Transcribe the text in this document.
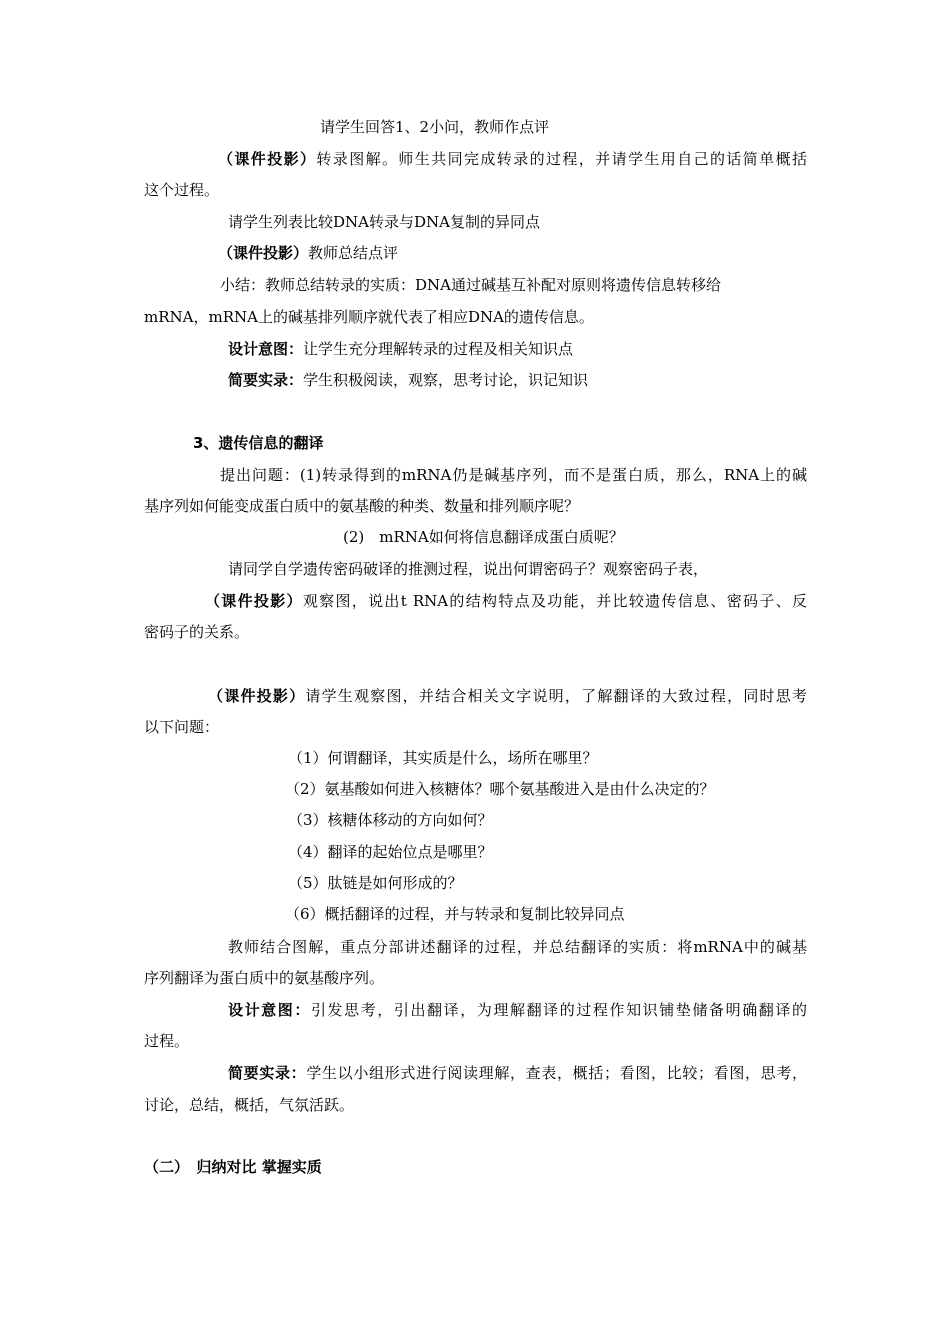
请学生回答1、2小问，教师作点评
（课件投影）转录图解。师生共同完成转录的过程，并请学生用自己的话简单概括
这个过程。
请学生列表比较DNA转录与DNA复制的异同点
（课件投影）教师总结点评
小结：教师总结转录的实质：DNA通过碱基互补配对原则将遗传信息转移给
mRNA，mRNA上的碱基排列顺序就代表了相应DNA的遗传信息。
设计意图：让学生充分理解转录的过程及相关知识点
简要实录：学生积极阅读，观察，思考讨论，识记知识
3、遗传信息的翻译
提出问题：(1)转录得到的mRNA仍是碱基序列，而不是蛋白质，那么，RNA上的碱
基序列如何能变成蛋白质中的氨基酸的种类、数量和排列顺序呢？
(2)　mRNA如何将信息翻译成蛋白质呢？
请同学自学遗传密码破译的推测过程，说出何谓密码子？观察密码子表，
（课件投影）观察图，说出t RNA的结构特点及功能，并比较遗传信息、密码子、反
密码子的关系。
（课件投影）请学生观察图，并结合相关文字说明，了解翻译的大致过程，同时思考
以下问题：
（1）何谓翻译，其实质是什么，场所在哪里？
（2）氨基酸如何进入核糖体？哪个氨基酸进入是由什么决定的？
（3）核糖体移动的方向如何？
（4）翻译的起始位点是哪里？
（5）肽链是如何形成的？
（6）概括翻译的过程，并与转录和复制比较异同点
教师结合图解，重点分部讲述翻译的过程，并总结翻译的实质：将mRNA中的碱基
序列翻译为蛋白质中的氨基酸序列。
设计意图：引发思考，引出翻译，为理解翻译的过程作知识铺垫储备明确翻译的
过程。
简要实录：学生以小组形式进行阅读理解，查表，概括；看图，比较；看图，思考，
讨论，总结，概括，气氛活跃。
（二）　归纳对比 掌握实质
